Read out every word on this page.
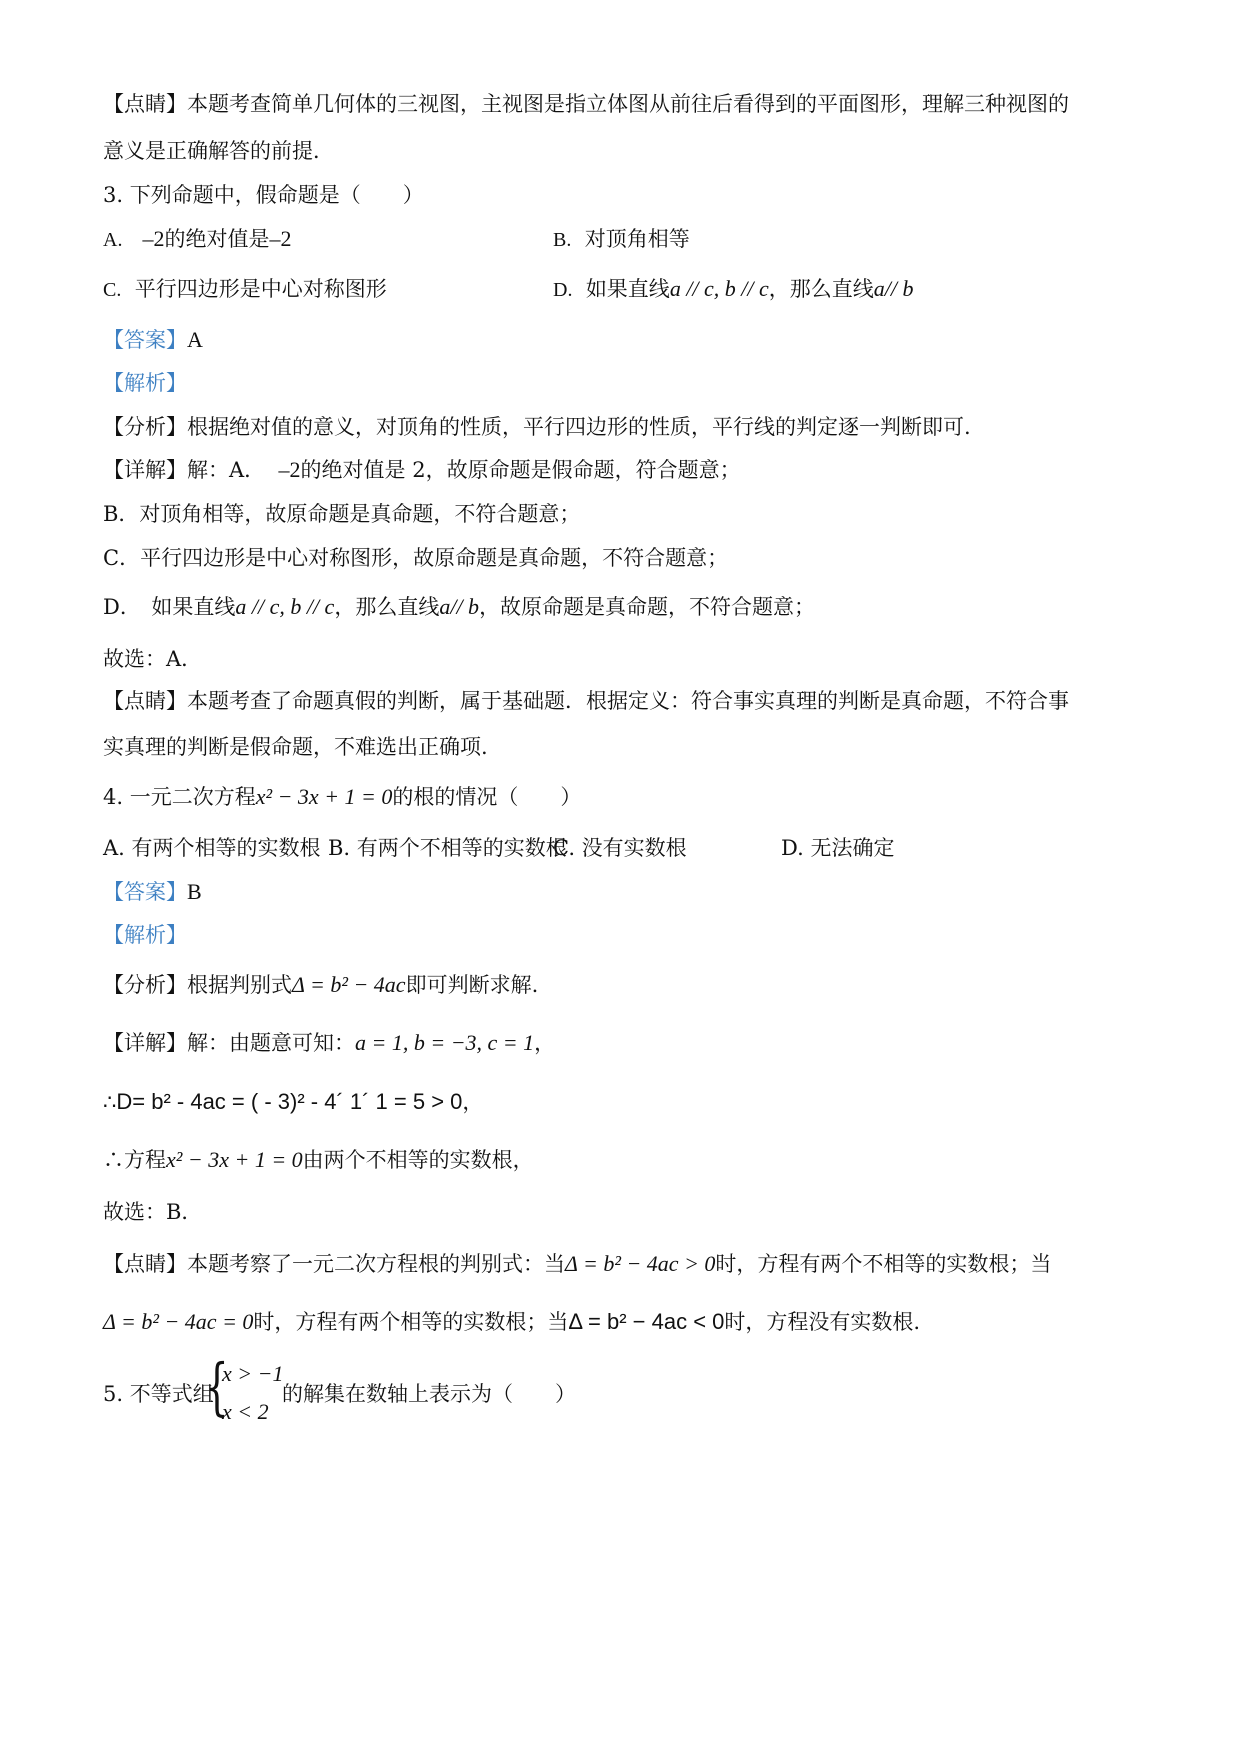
【点睛】本题考查简单几何体的三视图，主视图是指立体图从前往后看得到的平面图形，理解三种视图的
意义是正确解答的前提．
3. 下列命题中，假命题是（　　）
A. –2的绝对值是–2	B. 对顶角相等
C. 平行四边形是中心对称图形	D. 如果直线a // c, b // c，那么直线a// b
【答案】A
【解析】
【分析】根据绝对值的意义，对顶角的性质，平行四边形的性质，平行线的判定逐一判断即可.
【详解】解：A． –2的绝对值是 2，故原命题是假命题，符合题意；
B．对顶角相等，故原命题是真命题，不符合题意；
C．平行四边形是中心对称图形，故原命题是真命题，不符合题意；
D．　如果直线a // c, b // c，那么直线a// b，故原命题是真命题，不符合题意；
故选：A．
【点睛】本题考查了命题真假的判断，属于基础题．根据定义：符合事实真理的判断是真命题，不符合事
实真理的判断是假命题，不难选出正确项.
4. 一元二次方程x² − 3x + 1 = 0的根的情况（　　）
A. 有两个相等的实数根 B. 有两个不相等的实数根
C. 没有实数根	D. 无法确定
【答案】B
【解析】
【分析】根据判别式Δ = b² − 4ac即可判断求解.
【详解】解：由题意可知：a = 1, b = −3, c = 1，
∴D= b² - 4ac = ( - 3)² - 4´ 1´ 1 = 5 > 0，
∴方程x² − 3x + 1 = 0由两个不相等的实数根，
故选：B．
【点睛】本题考察了一元二次方程根的判别式：当Δ = b² − 4ac > 0时，方程有两个不相等的实数根；当
Δ = b² − 4ac = 0时，方程有两个相等的实数根；当Δ = b² − 4ac < 0时，方程没有实数根.
5. 不等式组
{
x > −1
x < 2
的解集在数轴上表示为（　　）
